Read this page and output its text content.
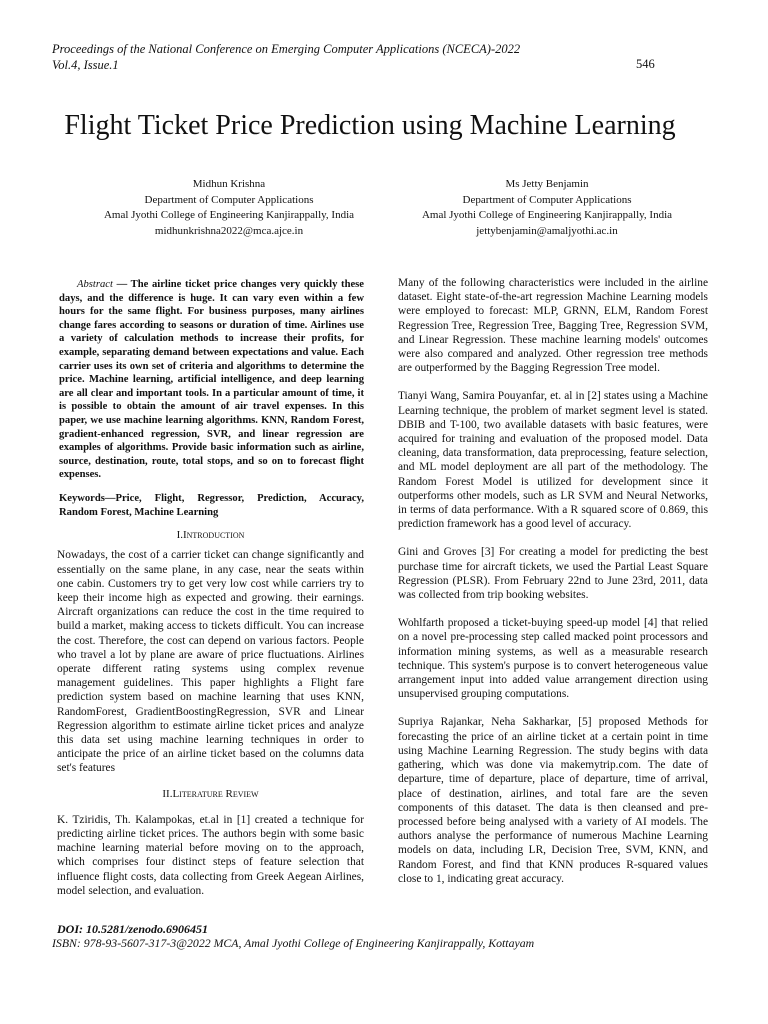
Proceedings of the National Conference on Emerging Computer Applications (NCECA)-2022
Vol.4, Issue.1	546
Flight Ticket Price Prediction using Machine Learning
Midhun Krishna
Department of Computer Applications
Amal Jyothi College of Engineering Kanjirappally, India
midhunkrishna2022@mca.ajce.in
Ms Jetty Benjamin
Department of Computer Applications
Amal Jyothi College of Engineering Kanjirappally, India
jettybenjamin@amaljyothi.ac.in

Abstract — The airline ticket price changes very quickly these days, and the difference is huge. It can vary even within a few hours for the same flight. For business purposes, many airlines change fares according to seasons or duration of time. Airlines use a variety of calculation methods to increase their profits, for example, separating demand between expectations and value. Each carrier uses its own set of criteria and algorithms to determine the price. Machine learning, artificial intelligence, and deep learning are all clear and important tools. In a particular amount of time, it is possible to obtain the amount of air travel expenses. In this paper, we use machine learning algorithms. KNN, Random Forest, gradient-enhanced regression, SVR, and linear regression are examples of algorithms. Provide basic information such as airline, source, destination, route, total stops, and so on to forecast flight expenses.

Keywords—Price, Flight, Regressor, Prediction, Accuracy, Random Forest, Machine Learning

I.Introduction

Nowadays, the cost of a carrier ticket can change significantly and essentially on the same plane, in any case, near the seats within one cabin. Customers try to get very low cost while carriers try to keep their income high as expected and growing. their earnings. Aircraft organizations can reduce the cost in the time required to build a market, making access to tickets difficult. You can increase the cost. Therefore, the cost can depend on various factors. People who travel a lot by plane are aware of price fluctuations. Airlines operate different rating systems using complex revenue management guidelines. This paper highlights a Flight fare prediction system based on machine learning that uses KNN, RandomForest, GradientBoostingRegression, SVR and Linear Regression algorithm to estimate airline ticket prices and analyze this data set using machine learning techniques in order to anticipate the price of an airline ticket based on the columns data set's features

II.Literature Review

K. Tziridis, Th. Kalampokas, et.al in [1] created a technique for predicting airline ticket prices. The authors begin with some basic machine learning material before moving on to the approach, which comprises four distinct steps of feature selection that influence flight costs, data collecting from Greek Aegean Airlines, model selection, and evaluation.

Many of the following characteristics were included in the airline dataset. Eight state-of-the-art regression Machine Learning models were employed to forecast: MLP, GRNN, ELM, Random Forest Regression Tree, Regression Tree, Bagging Tree, Regression SVM, and Linear Regression. These machine learning models' outcomes were also compared and analyzed. Other regression tree methods are outperformed by the Bagging Regression Tree model.

Tianyi Wang, Samira Pouyanfar, et. al in [2] states using a Machine Learning technique, the problem of market segment level is stated. DBIB and T-100, two available datasets with basic features, were acquired for training and evaluation of the proposed model. Data cleaning, data transformation, data preprocessing, feature selection, and ML model deployment are all part of the methodology. The Random Forest Model is utilized for development since it outperforms other models, such as LR SVM and Neural Networks, in terms of data performance. With a R squared score of 0.869, this prediction framework has a good level of accuracy.

Gini and Groves [3] For creating a model for predicting the best purchase time for aircraft tickets, we used the Partial Least Square Regression (PLSR). From February 22nd to June 23rd, 2011, data was collected from trip booking websites.

Wohlfarth proposed a ticket-buying speed-up model [4] that relied on a novel pre-processing step called macked point processors and information mining systems, as well as a measurable research technique. This system's purpose is to convert heterogeneous value arrangement input into added value arrangement direction using unsupervised grouping computations.

Supriya Rajankar, Neha Sakharkar, [5] proposed Methods for forecasting the price of an airline ticket at a certain point in time using Machine Learning Regression. The study begins with data gathering, which was done via makemytrip.com. The date of departure, time of departure, place of departure, time of arrival, place of destination, airlines, and total fare are the seven components of this dataset. The data is then cleansed and pre-processed before being analysed with a variety of AI models. The authors analyse the performance of numerous Machine Learning models on data, including LR, Decision Tree, SVM, KNN, and Random Forest, and find that KNN produces R-squared values close to 1, indicating great accuracy.

DOI: 10.5281/zenodo.6906451
ISBN: 978-93-5607-317-3@2022 MCA, Amal Jyothi College of Engineering Kanjirappally, Kottayam
